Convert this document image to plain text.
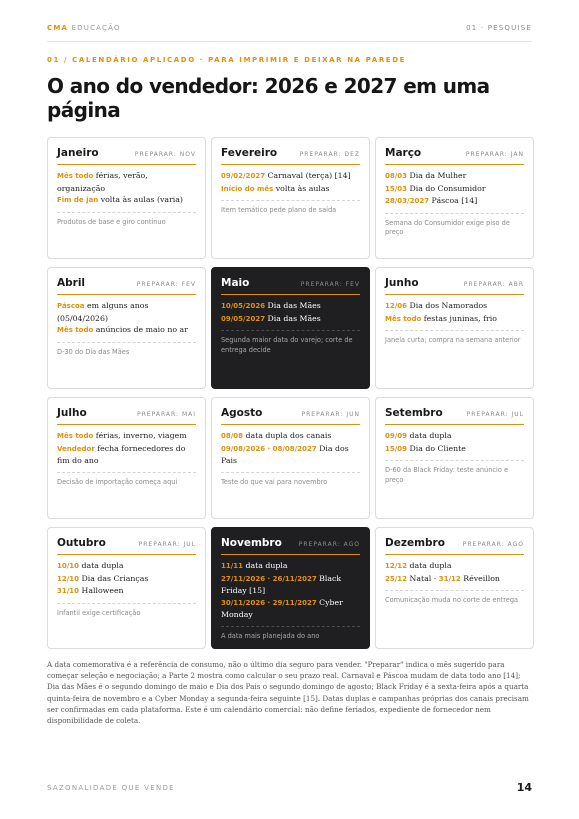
CMA EDUCAÇÃO	01 · PESQUISE
01 / CALENDÁRIO APLICADO · PARA IMPRIMIR E DEIXAR NA PAREDE
O ano do vendedor: 2026 e 2027 em uma página
Janeiro	PREPARAR: NOV
Mês todo férias, verão, organização
Fim de jan volta às aulas (varia)
Produtos de base e giro contínuo
Fevereiro	PREPARAR: DEZ
09/02/2027 Carnaval (terça) [14]
Início do mês volta às aulas
Item temático pede plano de saída
Março	PREPARAR: JAN
08/03 Dia da Mulher
15/03 Dia do Consumidor
28/03/2027 Páscoa [14]
Semana do Consumidor exige piso de preço
Abril	PREPARAR: FEV
Páscoa em alguns anos (05/04/2026)
Mês todo anúncios de maio no ar
D-30 do Dia das Mães
Maio	PREPARAR: FEV
10/05/2026 Dia das Mães
09/05/2027 Dia das Mães
Segunda maior data do varejo; corte de entrega decide
Junho	PREPARAR: ABR
12/06 Dia dos Namorados
Mês todo festas juninas, frio
Janela curta; compra na semana anterior
Julho	PREPARAR: MAI
Mês todo férias, inverno, viagem
Vendedor fecha fornecedores do fim do ano
Decisão de importação começa aqui
Agosto	PREPARAR: JUN
08/08 data dupla dos canais
09/08/2026 · 08/08/2027 Dia dos Pais
Teste do que vai para novembro
Setembro	PREPARAR: JUL
09/09 data dupla
15/09 Dia do Cliente
D-60 da Black Friday: teste anúncio e preço
Outubro	PREPARAR: JUL
10/10 data dupla
12/10 Dia das Crianças
31/10 Halloween
Infantil exige certificação
Novembro	PREPARAR: AGO
11/11 data dupla
27/11/2026 · 26/11/2027 Black Friday [15]
30/11/2026 · 29/11/2027 Cyber Monday
A data mais planejada do ano
Dezembro	PREPARAR: AGO
12/12 data dupla
25/12 Natal · 31/12 Réveillon
Comunicação muda no corte de entrega

A data comemorativa é a referência de consumo, não o último dia seguro para vender. "Preparar" indica o mês sugerido para começar seleção e negociação; a Parte 2 mostra como calcular o seu prazo real. Carnaval e Páscoa mudam de data todo ano [14]; Dia das Mães é o segundo domingo de maio e Dia dos Pais o segundo domingo de agosto; Black Friday é a sexta-feira após a quarta quinta-feira de novembro e a Cyber Monday a segunda-feira seguinte [15]. Datas duplas e campanhas próprias dos canais precisam ser confirmadas em cada plataforma. Este é um calendário comercial: não define feriados, expediente de fornecedor nem disponibilidade de coleta.

SAZONALIDADE QUE VENDE	14
